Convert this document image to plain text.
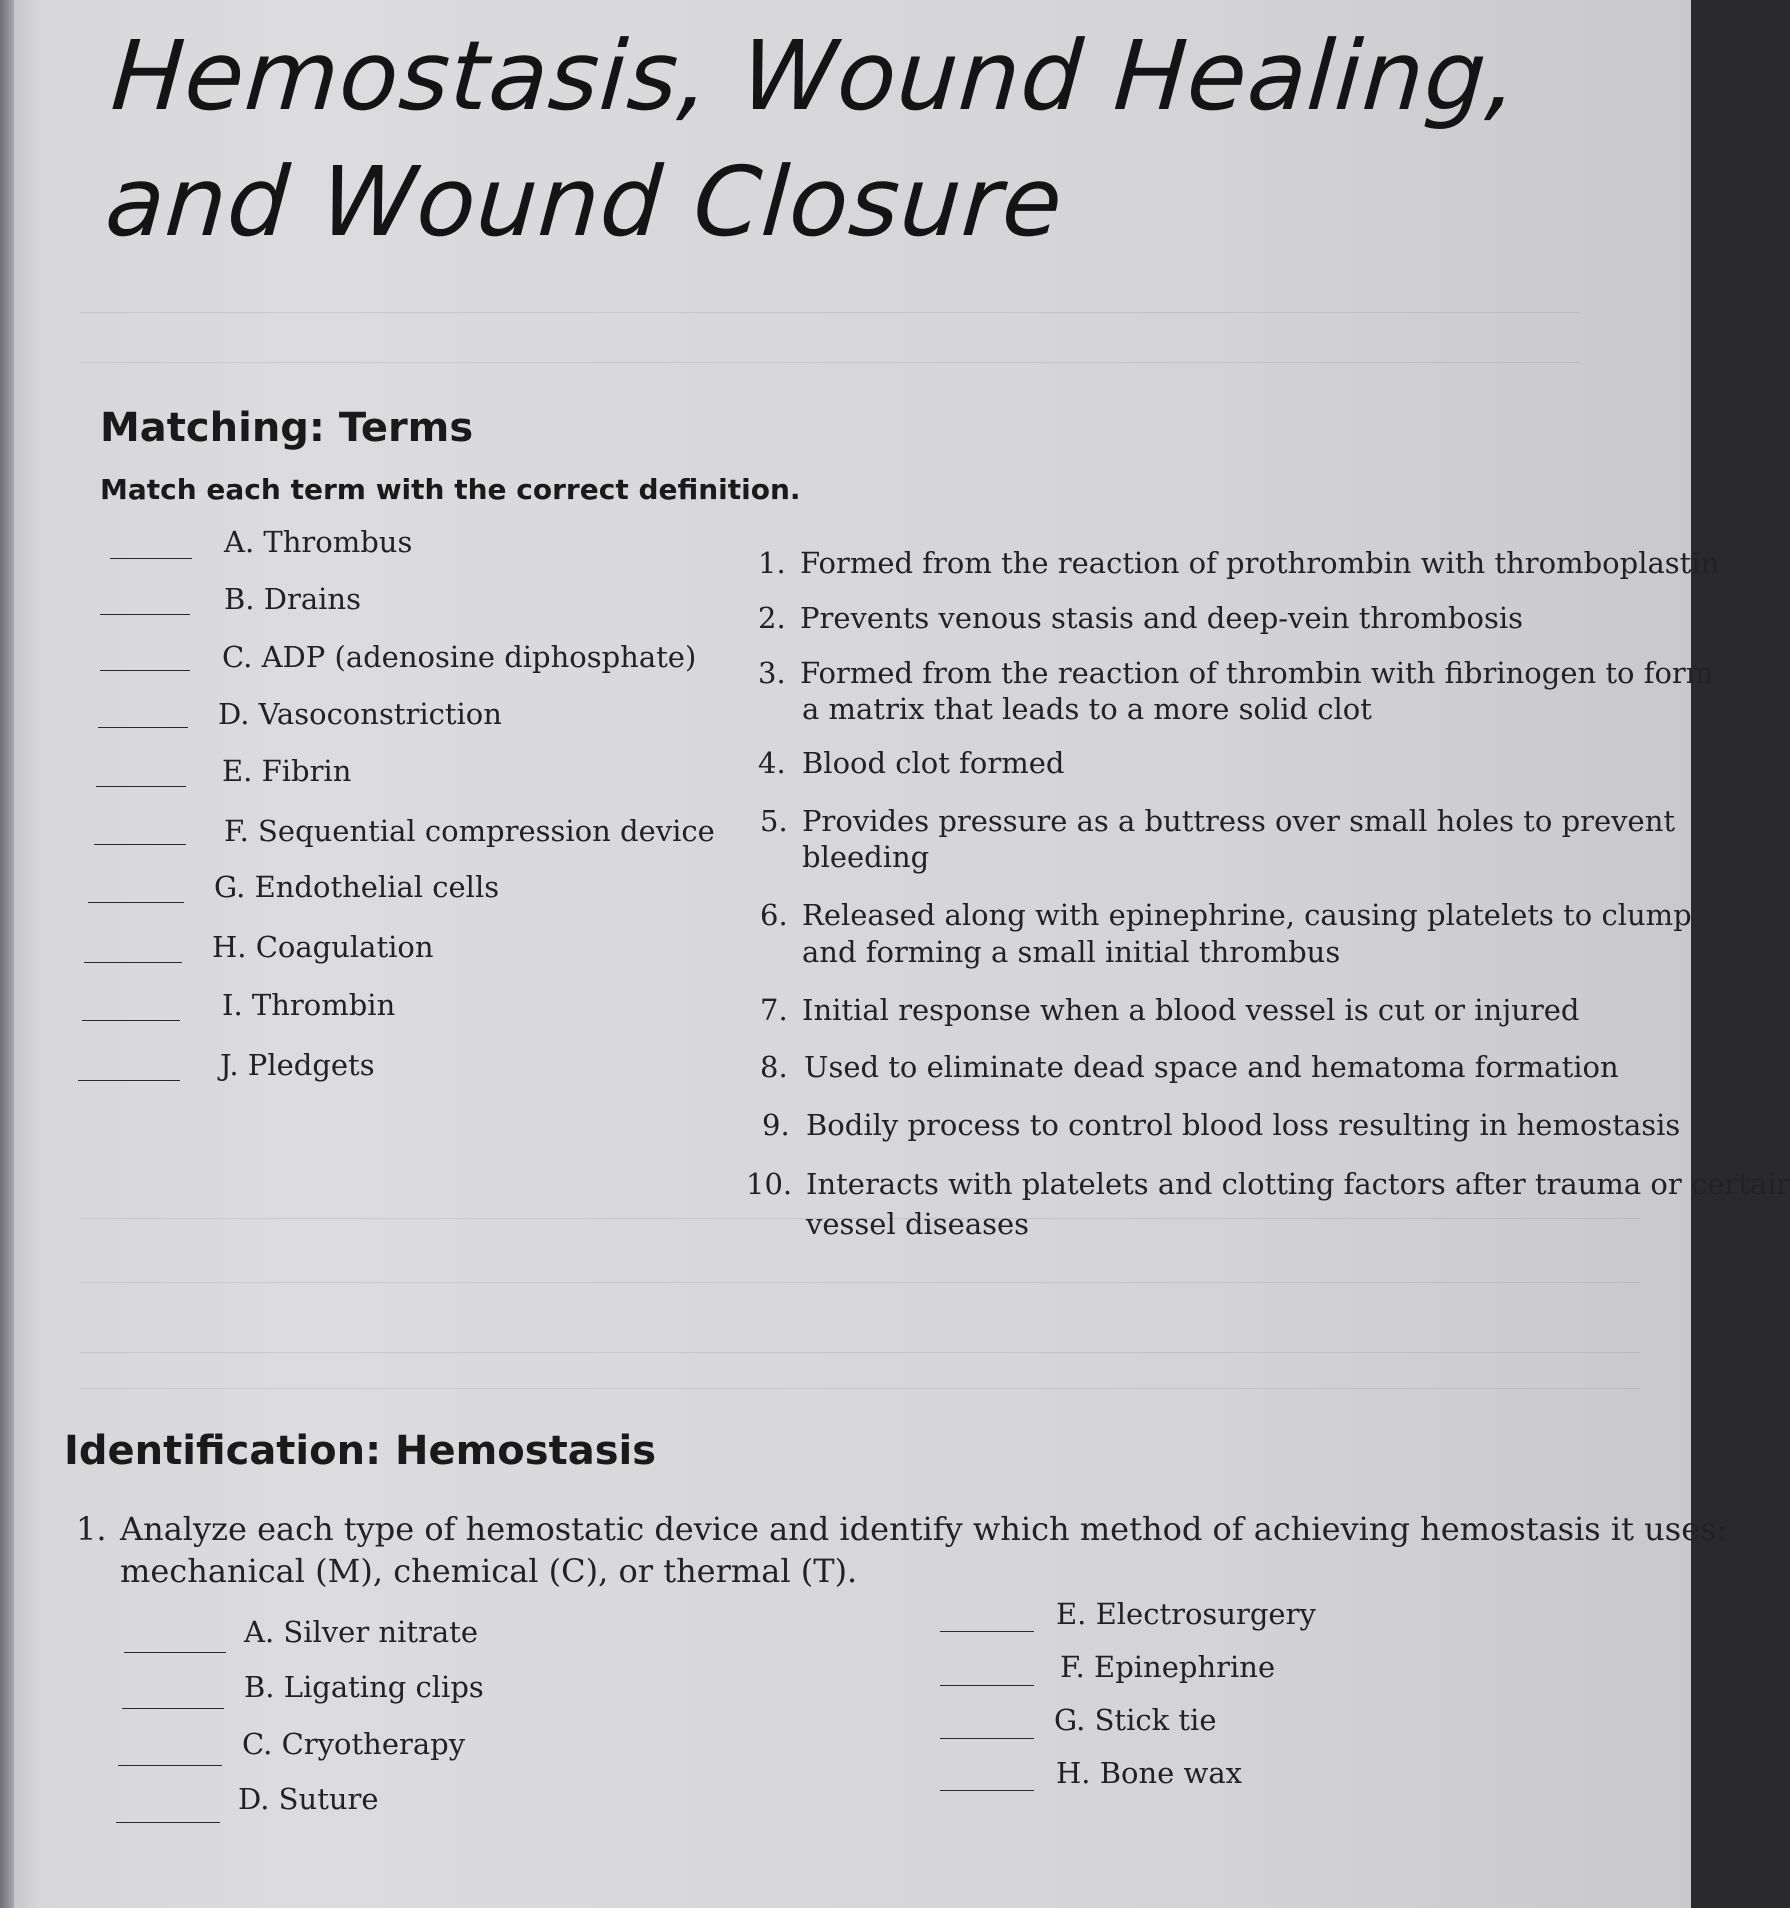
Hemostasis, Wound Healing,
and Wound Closure
Matching: Terms
Match each term with the correct definition.
A. Thrombus
B. Drains
C. ADP (adenosine diphosphate)
D. Vasoconstriction
E. Fibrin
F. Sequential compression device
G. Endothelial cells
H. Coagulation
I. Thrombin
J. Pledgets
1.
2.
3.
4.
5.
6.
7.
8.
9.
10.
Formed from the reaction of prothrombin with thromboplastin
Prevents venous stasis and deep-vein thrombosis
Formed from the reaction of thrombin with fibrinogen to form
a matrix that leads to a more solid clot
Blood clot formed
Provides pressure as a buttress over small holes to prevent
bleeding
Released along with epinephrine, causing platelets to clump
and forming a small initial thrombus
Initial response when a blood vessel is cut or injured
Used to eliminate dead space and hematoma formation
Bodily process to control blood loss resulting in hemostasis
Interacts with platelets and clotting factors after trauma or certair
vessel diseases
Identification: Hemostasis
1. Analyze each type of hemostatic device and identify which method of achieving hemostasis it uses:
mechanical (M), chemical (C), or thermal (T).
A. Silver nitrate
B. Ligating clips
C. Cryotherapy
D. Suture
E. Electrosurgery
F. Epinephrine
G. Stick tie
H. Bone wax
